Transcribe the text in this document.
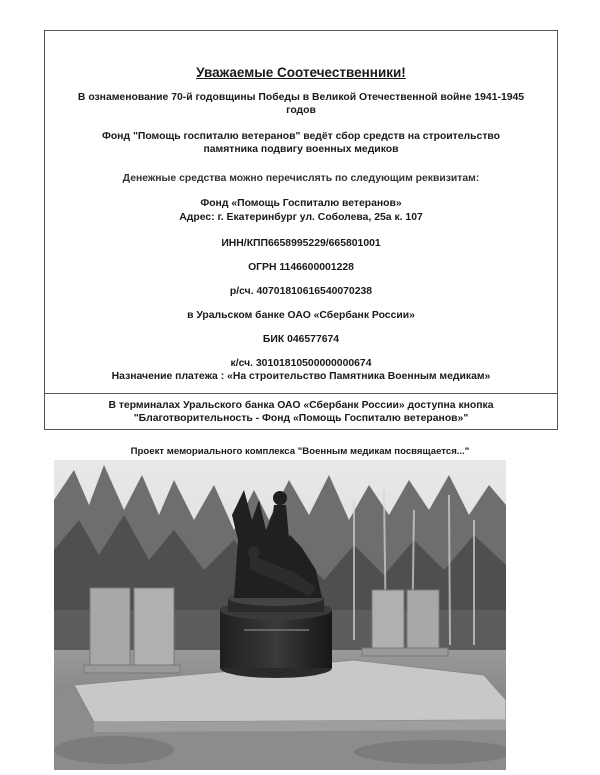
Уважаемые Соотечественники!
В ознаменование 70-й годовщины Победы в Великой Отечественной войне 1941-1945
годов
Фонд "Помощь госпиталю ветеранов" ведёт сбор средств на строительство
памятника подвигу военных медиков
Денежные средства можно перечислять по следующим реквизитам:
Фонд «Помощь Госпиталю ветеранов»
Адрес: г. Екатеринбург ул. Соболева, 25а к. 107
ИНН/КПП6658995229/665801001
ОГРН 1146600001228
р/сч. 40701810616540070238
в Уральском банке ОАО «Сбербанк России»
БИК 046577674
к/сч. 30101810500000000674
Назначение платежа : «На строительство Памятника Военным медикам»
В терминалах Уральского банка ОАО «Сбербанк России» доступна кнопка
"Благотворительность - Фонд «Помощь Госпиталю ветеранов»"
Проект мемориального комплекса "Военным медикам посвящается..."
